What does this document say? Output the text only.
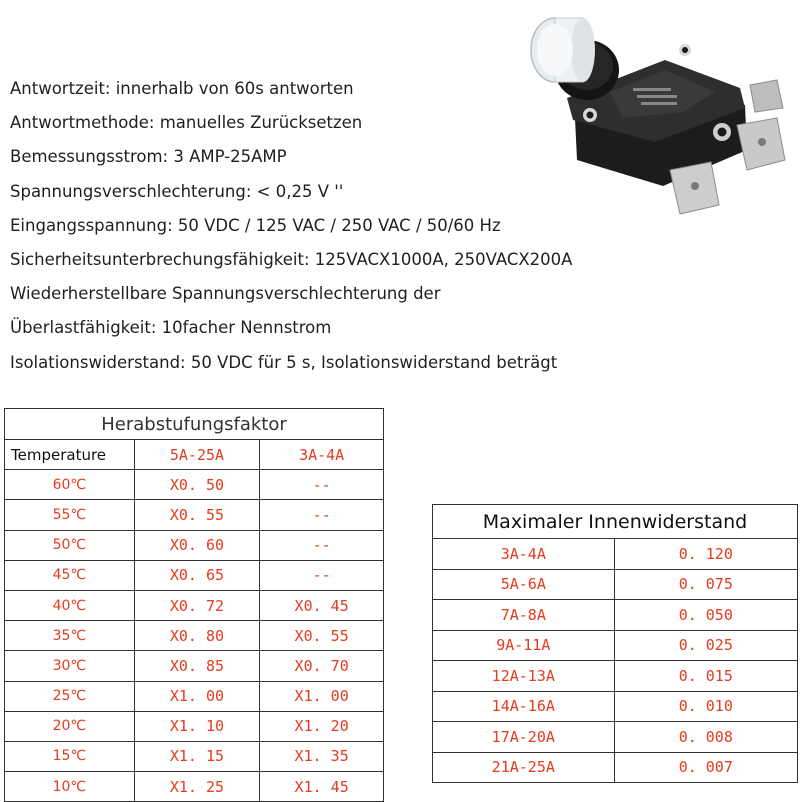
Antwortzeit: innerhalb von 60s antworten
Antwortmethode: manuelles Zurücksetzen
Bemessungsstrom: 3 AMP-25AMP
Spannungsverschlechterung: < 0,25 V ''
Eingangsspannung: 50 VDC / 125 VAC / 250 VAC / 50/60 Hz
Sicherheitsunterbrechungsfähigkeit: 125VACX1000A, 250VACX200A
Wiederherstellbare Spannungsverschlechterung der
Überlastfähigkeit: 10facher Nennstrom
Isolationswiderstand: 50 VDC für 5 s, Isolationswiderstand beträgt
Herabstufungsfaktor		
Temperature	5A-25A	3A-4A
60℃	X0. 50	--
55℃	X0. 55	--
50℃	X0. 60	--
45℃	X0. 65	--
40℃	X0. 72	X0. 45
35℃	X0. 80	X0. 55
30℃	X0. 85	X0. 70
25℃	X1. 00	X1. 00
20℃	X1. 10	X1. 20
15℃	X1. 15	X1. 35
10℃	X1. 25	X1. 45
Maximaler Innenwiderstand	
3A-4A	0. 120
5A-6A	0. 075
7A-8A	0. 050
9A-11A	0. 025
12A-13A	0. 015
14A-16A	0. 010
17A-20A	0. 008
21A-25A	0. 007
